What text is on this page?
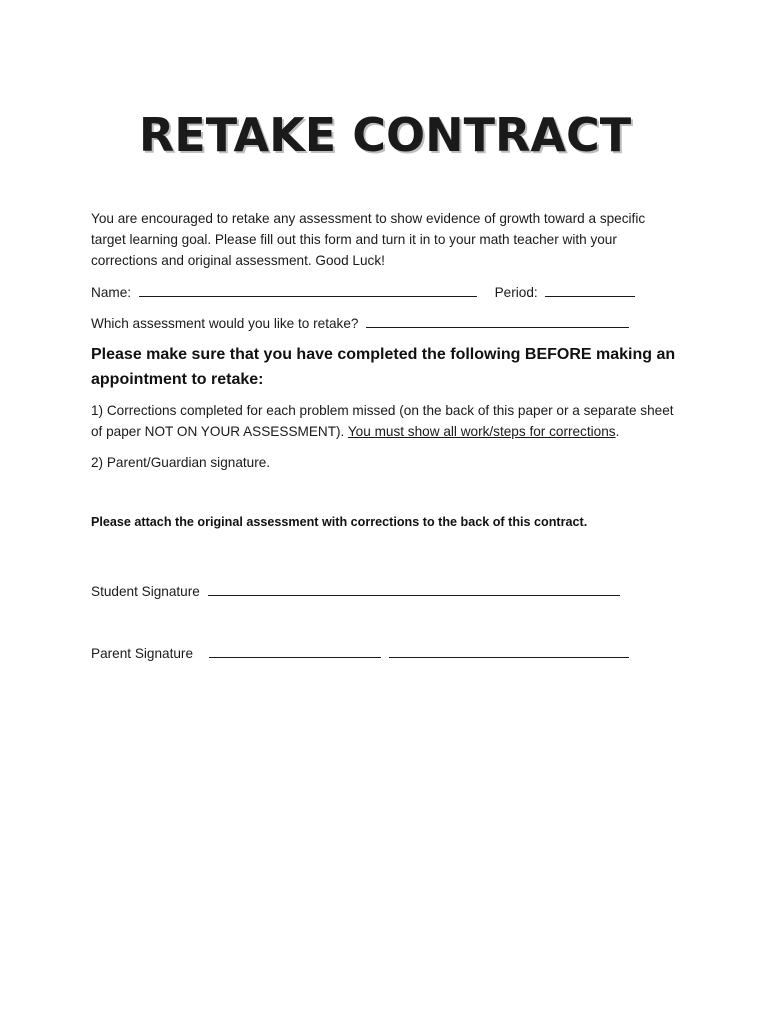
RETAKE CONTRACT

You are encouraged to retake any assessment to show evidence of growth toward a specific target learning goal. Please fill out this form and turn it in to your math teacher with your corrections and original assessment. Good Luck!

Name:	Period:
Which assessment would you like to retake?
Please make sure that you have completed the following BEFORE making an appointment to retake:

1) Corrections completed for each problem missed (on the back of this paper or a separate sheet of paper NOT ON YOUR ASSESSMENT). You must show all work/steps for corrections.

2) Parent/Guardian signature.

Please attach the original assessment with corrections to the back of this contract.
Student Signature
Parent Signature
